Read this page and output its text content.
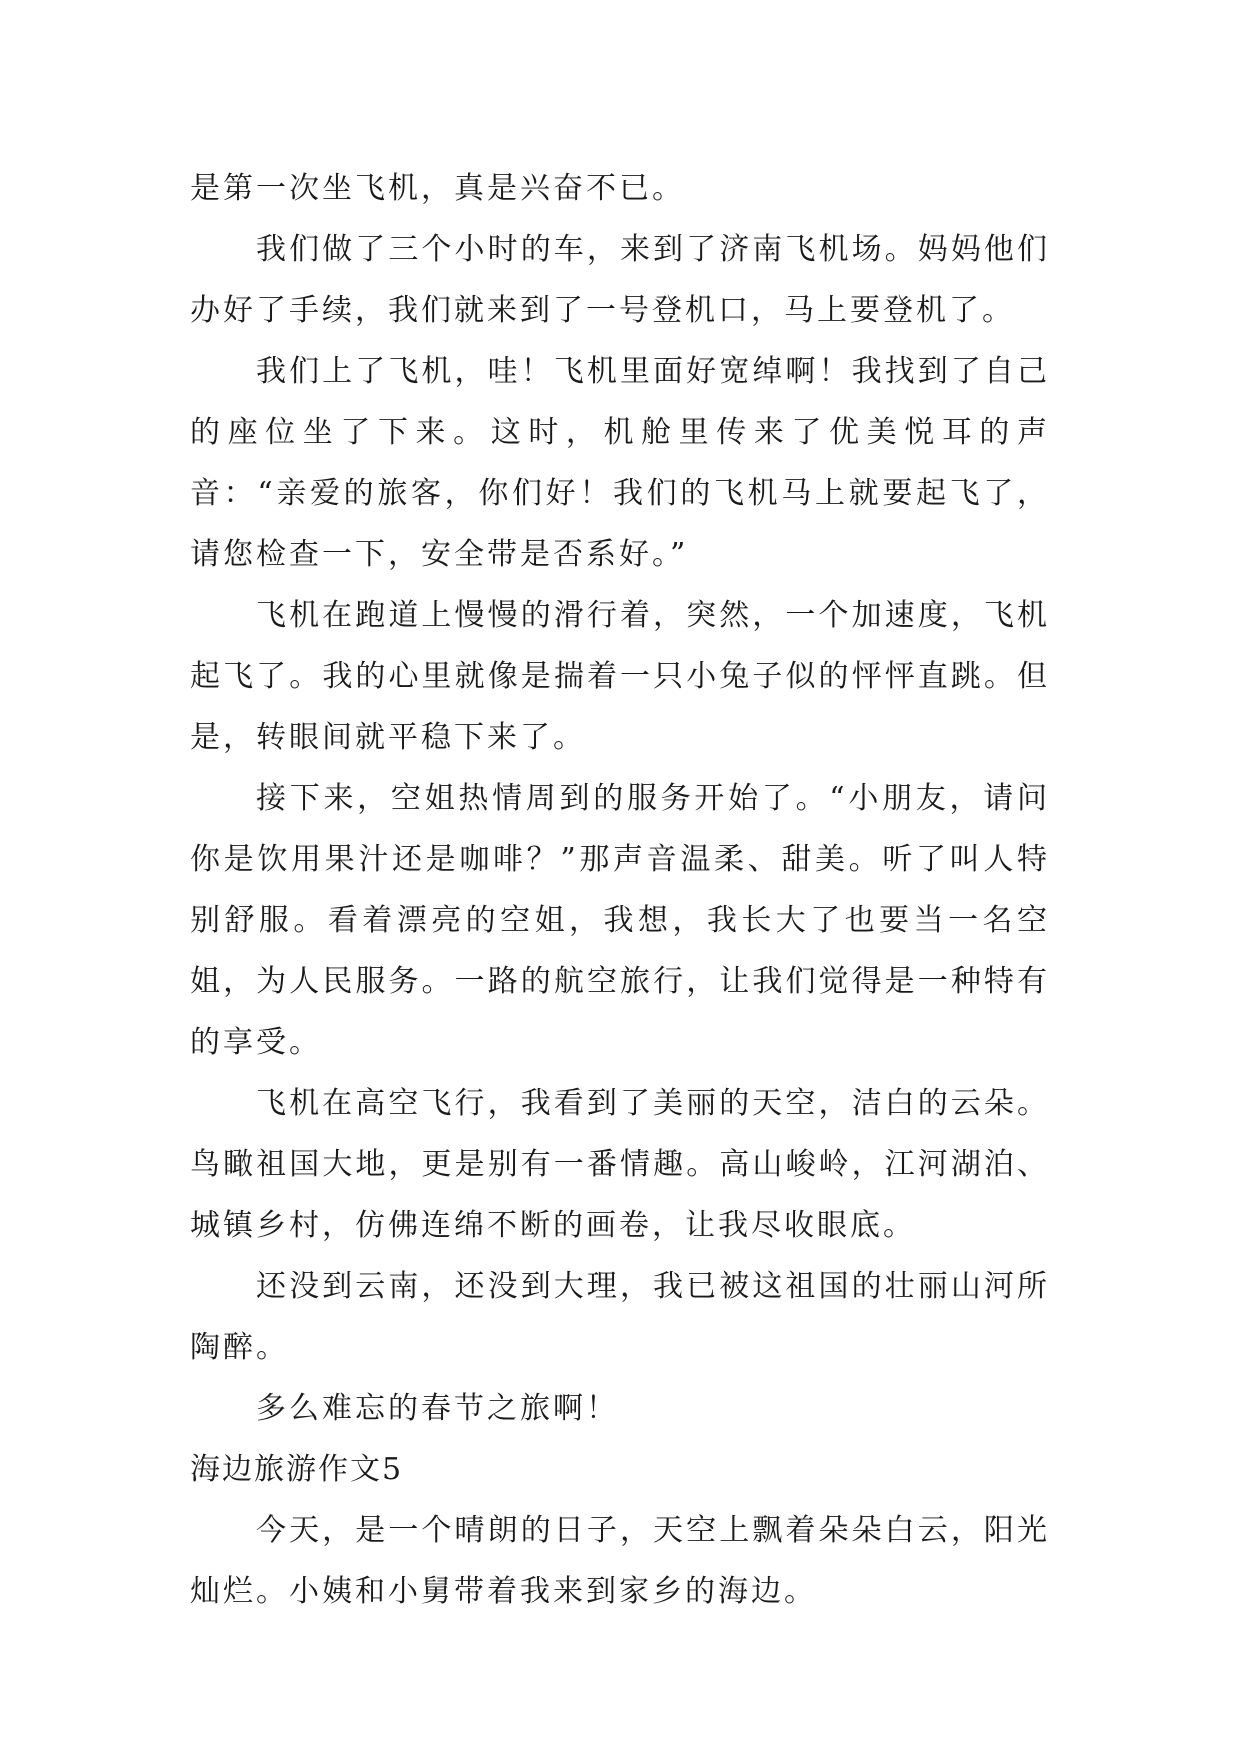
是第一次坐飞机，真是兴奋不已。

我们做了三个小时的车，来到了济南飞机场。妈妈他们办好了手续，我们就来到了一号登机口，马上要登机了。

我们上了飞机，哇！飞机里面好宽绰啊！我找到了自己的座位坐了下来。这时，机舱里传来了优美悦耳的声音：“亲爱的旅客，你们好！我们的飞机马上就要起飞了，请您检查一下，安全带是否系好。”

飞机在跑道上慢慢的滑行着，突然，一个加速度，飞机起飞了。我的心里就像是揣着一只小兔子似的怦怦直跳。但是，转眼间就平稳下来了。

接下来，空姐热情周到的服务开始了。“小朋友，请问你是饮用果汁还是咖啡？”那声音温柔、甜美。听了叫人特别舒服。看着漂亮的空姐，我想，我长大了也要当一名空姐，为人民服务。一路的航空旅行，让我们觉得是一种特有的享受。

飞机在高空飞行，我看到了美丽的天空，洁白的云朵。鸟瞰祖国大地，更是别有一番情趣。高山峻岭，江河湖泊、城镇乡村，仿佛连绵不断的画卷，让我尽收眼底。

还没到云南，还没到大理，我已被这祖国的壮丽山河所陶醉。

多么难忘的春节之旅啊！

海边旅游作文5

今天，是一个晴朗的日子，天空上飘着朵朵白云，阳光灿烂。小姨和小舅带着我来到家乡的海边。
